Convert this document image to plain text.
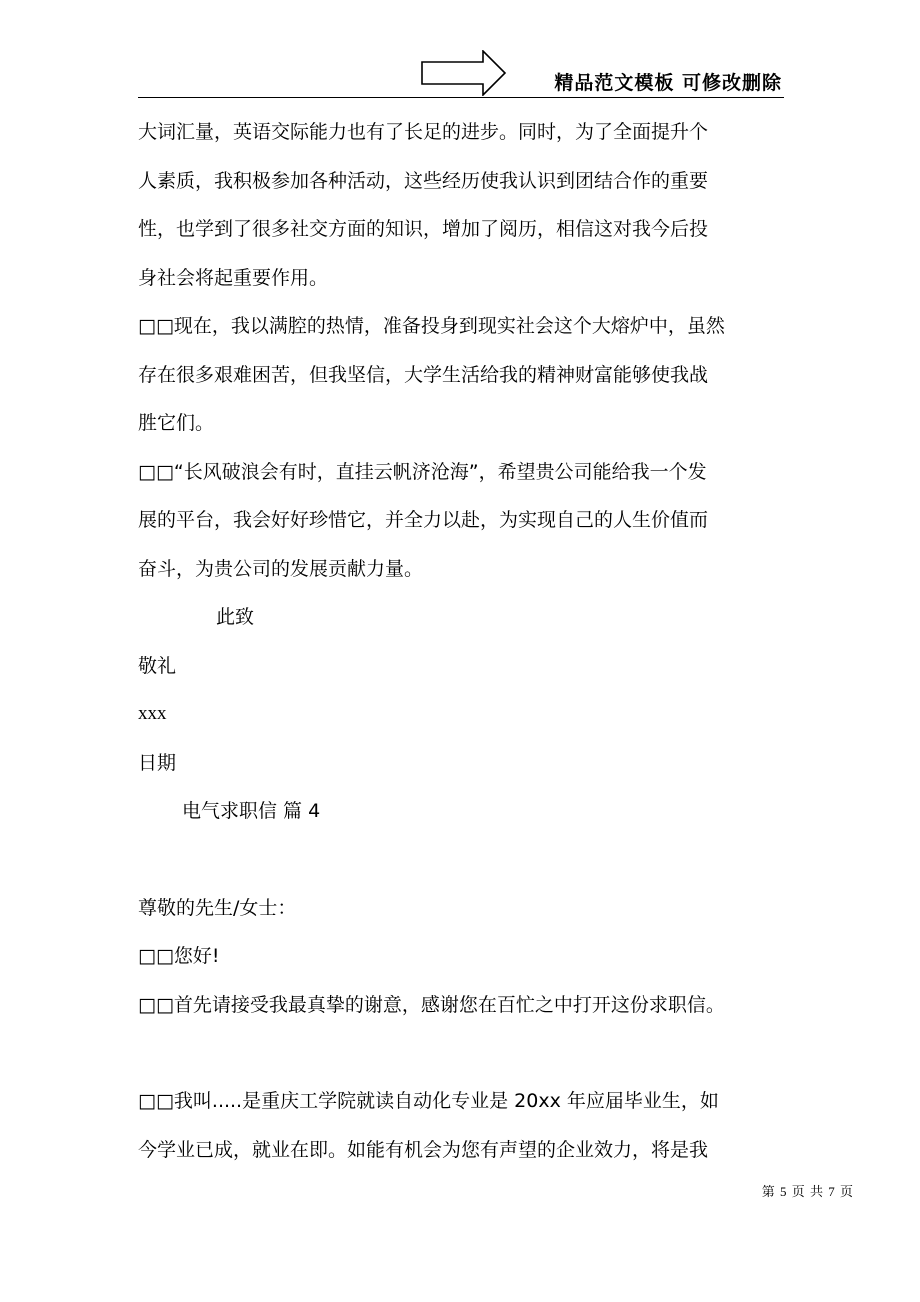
精品范文模板 可修改删除
大词汇量，英语交际能力也有了长足的进步。同时，为了全面提升个
人素质，我积极参加各种活动，这些经历使我认识到团结合作的重要
性，也学到了很多社交方面的知识，增加了阅历，相信这对我今后投
身社会将起重要作用。
□□现在，我以满腔的热情，准备投身到现实社会这个大熔炉中，虽然
存在很多艰难困苦，但我坚信，大学生活给我的精神财富能够使我战
胜它们。
□□“长风破浪会有时，直挂云帆济沧海”，希望贵公司能给我一个发
展的平台，我会好好珍惜它，并全力以赴，为实现自己的人生价值而
奋斗，为贵公司的发展贡献力量。
此致
敬礼
xxx
日期
电气求职信 篇 4
尊敬的先生/女士：
□□您好!
□□首先请接受我最真挚的谢意，感谢您在百忙之中打开这份求职信。
□□我叫.....是重庆工学院就读自动化专业是 20xx 年应届毕业生，如
今学业已成，就业在即。如能有机会为您有声望的企业效力，将是我
第 5 页 共 7 页
